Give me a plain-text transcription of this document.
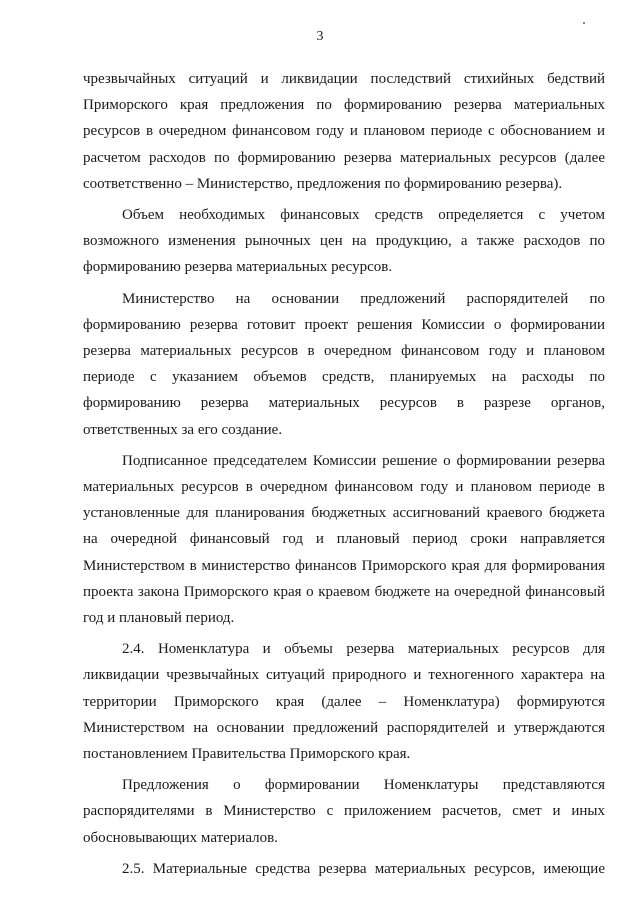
3

чрезвычайных ситуаций и ликвидации последствий стихийных бедствий
Приморского края предложения по формированию резерва материальных
ресурсов в очередном финансовом году и плановом периоде с обоснованием и
расчетом расходов по формированию резерва материальных ресурсов (далее
соответственно – Министерство, предложения по формированию резерва).

Объем необходимых финансовых средств определяется с учетом
возможного изменения рыночных цен на продукцию, а также расходов по
формированию резерва материальных ресурсов.

Министерство на основании предложений распорядителей по
формированию резерва готовит проект решения Комиссии о формировании
резерва материальных ресурсов в очередном финансовом году и плановом
периоде с указанием объемов средств, планируемых на расходы по
формированию резерва материальных ресурсов в разрезе органов,
ответственных за его создание.

Подписанное председателем Комиссии решение о формировании резерва
материальных ресурсов в очередном финансовом году и плановом периоде в
установленные для планирования бюджетных ассигнований краевого бюджета
на очередной финансовый год и плановый период сроки направляется
Министерством в министерство финансов Приморского края для формирования
проекта закона Приморского края о краевом бюджете на очередной финансовый
год и плановый период.

2.4. Номенклатура и объемы резерва материальных ресурсов для
ликвидации чрезвычайных ситуаций природного и техногенного характера на
территории Приморского края (далее – Номенклатура) формируются
Министерством на основании предложений распорядителей и утверждаются
постановлением Правительства Приморского края.

Предложения о формировании Номенклатуры представляются
распорядителями в Министерство с приложением расчетов, смет и иных
обосновывающих материалов.

2.5. Материальные средства резерва материальных ресурсов, имеющие
